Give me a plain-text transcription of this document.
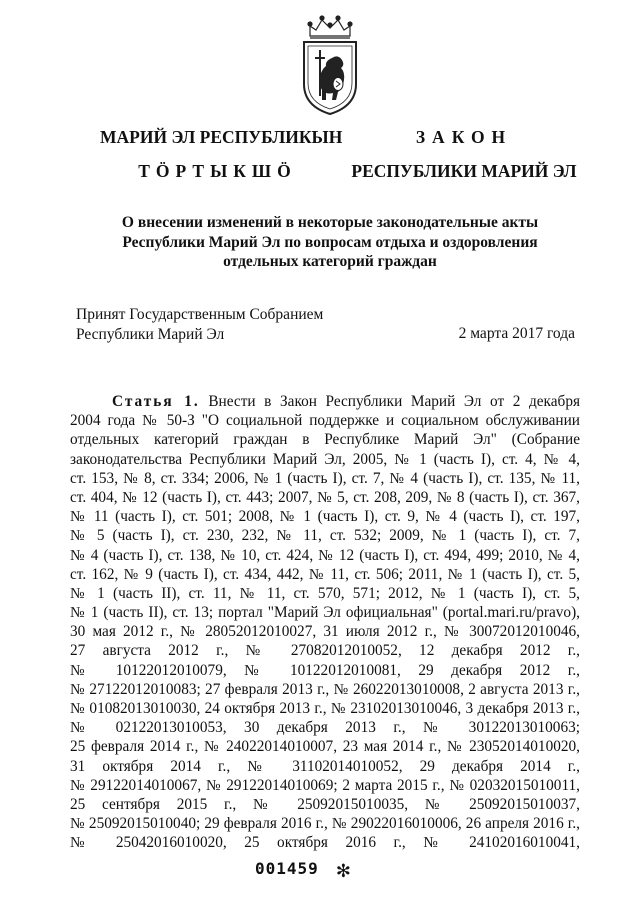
МАРИЙ ЭЛ РЕСПУБЛИКЫН
ТӦРТЫКШӦ
ЗАКОН
РЕСПУБЛИКИ МАРИЙ ЭЛ
О внесении изменений в некоторые законодательные акты
Республики Марий Эл по вопросам отдыха и оздоровления
отдельных категорий граждан
Принят Государственным Собранием
Республики Марий Эл	2 марта 2017 года
Статья 1. Внести в Закон Республики Марий Эл от 2 декабря
2004 года № 50-З "О социальной поддержке и социальном обслуживании
отдельных категорий граждан в Республике Марий Эл" (Собрание
законодательства Республики Марий Эл, 2005, № 1 (часть I), ст. 4, № 4,
ст. 153, № 8, ст. 334; 2006, № 1 (часть I), ст. 7, № 4 (часть I), ст. 135, № 11,
ст. 404, № 12 (часть I), ст. 443; 2007, № 5, ст. 208, 209, № 8 (часть I), ст. 367,
№ 11 (часть I), ст. 501; 2008, № 1 (часть I), ст. 9, № 4 (часть I), ст. 197,
№ 5 (часть I), ст. 230, 232, № 11, ст. 532; 2009, № 1 (часть I), ст. 7,
№ 4 (часть I), ст. 138, № 10, ст. 424, № 12 (часть I), ст. 494, 499; 2010, № 4,
ст. 162, № 9 (часть I), ст. 434, 442, № 11, ст. 506; 2011, № 1 (часть I), ст. 5,
№ 1 (часть II), ст. 11, № 11, ст. 570, 571; 2012, № 1 (часть I), ст. 5,
№ 1 (часть II), ст. 13; портал "Марий Эл официальная" (portal.mari.ru/pravo),
30 мая 2012 г., № 28052012010027, 31 июля 2012 г., № 30072012010046,
27 августа 2012 г., № 27082012010052, 12 декабря 2012 г.,
№ 10122012010079, № 10122012010081, 29 декабря 2012 г.,
№ 27122012010083; 27 февраля 2013 г., № 26022013010008, 2 августа 2013 г.,
№ 01082013010030, 24 октября 2013 г., № 23102013010046, 3 декабря 2013 г.,
№ 02122013010053, 30 декабря 2013 г., № 30122013010063;
25 февраля 2014 г., № 24022014010007, 23 мая 2014 г., № 23052014010020,
31 октября 2014 г., № 31102014010052, 29 декабря 2014 г.,
№ 29122014010067, № 29122014010069; 2 марта 2015 г., № 02032015010011,
25 сентября 2015 г., № 25092015010035, № 25092015010037,
№ 25092015010040; 29 февраля 2016 г., № 29022016010006, 26 апреля 2016 г.,
№ 25042016010020, 25 октября 2016 г., № 24102016010041,
001459 ✻
